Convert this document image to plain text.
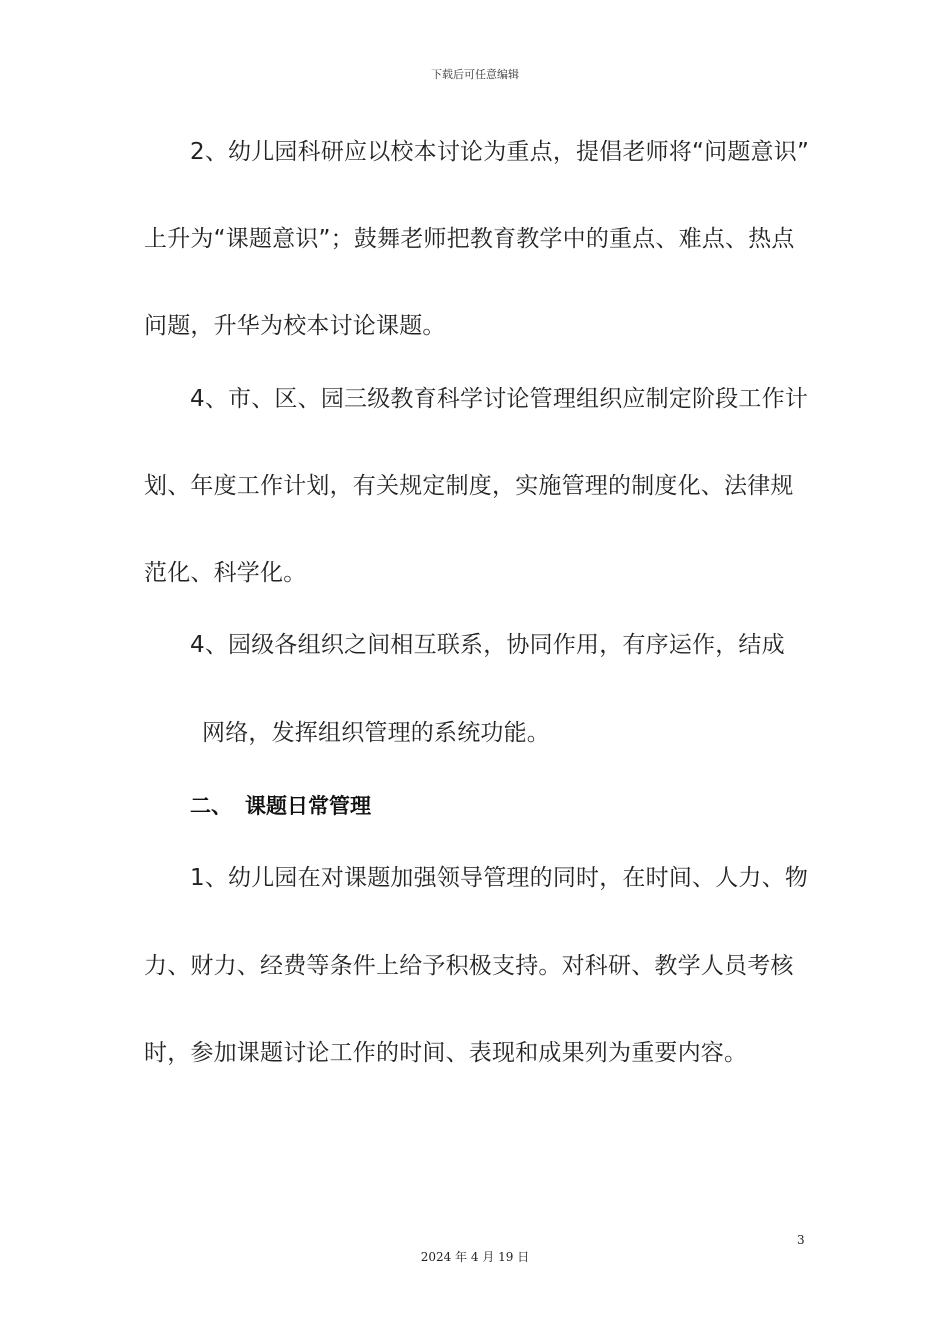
下载后可任意编辑
2、幼儿园科研应以校本讨论为重点，提倡老师将“问题意识”
上升为“课题意识”；鼓舞老师把教育教学中的重点、难点、热点
问题，升华为校本讨论课题。
4、市、区、园三级教育科学讨论管理组织应制定阶段工作计
划、年度工作计划，有关规定制度，实施管理的制度化、法律规
范化、科学化。
4、园级各组织之间相互联系，协同作用，有序运作，结成
网络，发挥组织管理的系统功能。
二、 课题日常管理
1、幼儿园在对课题加强领导管理的同时，在时间、人力、物
力、财力、经费等条件上给予积极支持。对科研、教学人员考核
时，参加课题讨论工作的时间、表现和成果列为重要内容。
3
2024 年 4 月 19 日
